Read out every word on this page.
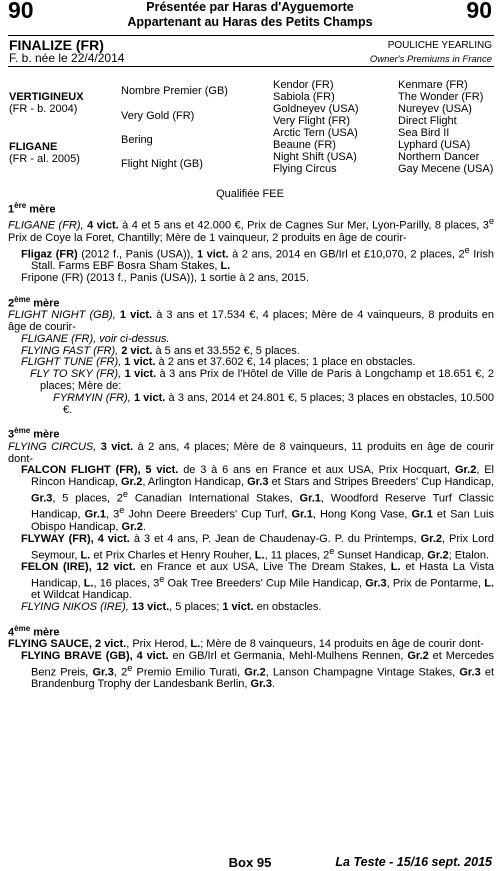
90	Présentée par Haras d'Ayguemorte
Appartenant au Haras des Petits Champs	90
FINALIZE (FR)
F. b. née le 22/4/2014
POULICHE YEARLING
Owner's Premiums in France
VERTIGINEUX
(FR - b. 2004)
FLIGANE
(FR - al. 2005)
Nombre Premier (GB)
Very Gold (FR)
Bering
Flight Night (GB)
Kendor (FR)
Sabiola (FR)
Goldneyev (USA)
Very Flight (FR)
Arctic Tern (USA)
Beaune (FR)
Night Shift (USA)
Flying Circus
Kenmare (FR)
The Wonder (FR)
Nureyev (USA)
Direct Flight
Sea Bird II
Lyphard (USA)
Northern Dancer
Gay Mecene (USA)
Qualifiée FEE
1ère mère
FLIGANE (FR), 4 vict. à 4 et 5 ans et 42.000 €, Prix de Cagnes Sur Mer, Lyon-Parilly, 8 places, 3e Prix de Coye la Foret, Chantilly; Mère de 1 vainqueur, 2 produits en âge de courir-
Fligaz (FR) (2012 f., Panis (USA)), 1 vict. à 2 ans, 2014 en GB/Irl et £10,070, 2 places, 2e Irish Stall. Farms EBF Bosra Sham Stakes, L.
Fripone (FR) (2013 f., Panis (USA)), 1 sortie à 2 ans, 2015.
2ème mère
FLIGHT NIGHT (GB), 1 vict. à 3 ans et 17.534 €, 4 places; Mère de 4 vainqueurs, 8 produits en âge de courir-
FLIGANE (FR), voir ci-dessus.
FLYING FAST (FR), 2 vict. à 5 ans et 33.552 €, 5 places.
FLIGHT TUNE (FR), 1 vict. à 2 ans et 37.602 €, 14 places; 1 place en obstacles.
FLY TO SKY (FR), 1 vict. à 3 ans Prix de l'Hôtel de Ville de Paris à Longchamp et 18.651 €, 2 places; Mère de:
FYRMYIN (FR), 1 vict. à 3 ans, 2014 et 24.801 €, 5 places; 3 places en obstacles, 10.500 €.
3ème mère
FLYING CIRCUS, 3 vict. à 2 ans, 4 places; Mère de 8 vainqueurs, 11 produits en âge de courir dont-
FALCON FLIGHT (FR), 5 vict. de 3 à 6 ans en France et aux USA, Prix Hocquart, Gr.2, El Rincon Handicap, Gr.2, Arlington Handicap, Gr.3 et Stars and Stripes Breeders' Cup Handicap, Gr.3, 5 places, 2e Canadian International Stakes, Gr.1, Woodford Reserve Turf Classic Handicap, Gr.1, 3e John Deere Breeders' Cup Turf, Gr.1, Hong Kong Vase, Gr.1 et San Luis Obispo Handicap, Gr.2.
FLYWAY (FR), 4 vict. à 3 et 4 ans, P. Jean de Chaudenay-G. P. du Printemps, Gr.2, Prix Lord Seymour, L. et Prix Charles et Henry Rouher, L., 11 places, 2e Sunset Handicap, Gr.2; Etalon.
FELON (IRE), 12 vict. en France et aux USA, Live The Dream Stakes, L. et Hasta La Vista Handicap, L., 16 places, 3e Oak Tree Breeders' Cup Mile Handicap, Gr.3, Prix de Pontarme, L. et Wildcat Handicap.
FLYING NIKOS (IRE), 13 vict., 5 places; 1 vict. en obstacles.
4ème mère
FLYING SAUCE, 2 vict., Prix Herod, L.; Mère de 8 vainqueurs, 14 produits en âge de courir dont-
FLYING BRAVE (GB), 4 vict. en GB/Irl et Germania, Mehl-Mulhens Rennen, Gr.2 et Mercedes Benz Preis, Gr.3, 2e Premio Emilio Turati, Gr.2, Lanson Champagne Vintage Stakes, Gr.3 et Brandenburg Trophy der Landesbank Berlin, Gr.3.
Box 95	La Teste - 15/16 sept. 2015
